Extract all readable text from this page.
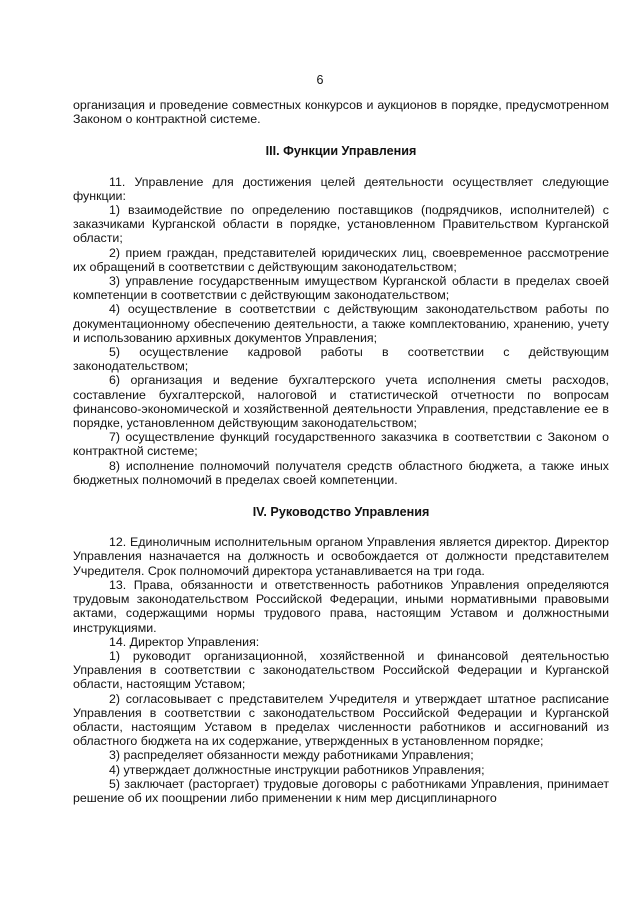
6

организация и проведение совместных конкурсов и аукционов в порядке, предусмотренном Законом о контрактной системе.

III. Функции Управления

11. Управление для достижения целей деятельности осуществляет следующие функции:

1) взаимодействие по определению поставщиков (подрядчиков, исполнителей) с заказчиками Курганской области в порядке, установленном Правительством Курганской области;

2) прием граждан, представителей юридических лиц, своевременное рассмотрение их обращений в соответствии с действующим законодательством;

3) управление государственным имуществом Курганской области в пределах своей компетенции в соответствии с действующим законодательством;

4) осуществление в соответствии с действующим законодательством работы по документационному обеспечению деятельности, а также комплектованию, хранению, учету и использованию архивных документов Управления;

5) осуществление кадровой работы в соответствии с действующим законодательством;

6) организация и ведение бухгалтерского учета исполнения сметы расходов, составление бухгалтерской, налоговой и статистической отчетности по вопросам финансово-экономической и хозяйственной деятельности Управления, представление ее в порядке, установленном действующим законодательством;

7) осуществление функций государственного заказчика в соответствии с Законом о контрактной системе;

8) исполнение полномочий получателя средств областного бюджета, а также иных бюджетных полномочий в пределах своей компетенции.

IV. Руководство Управления

12. Единоличным исполнительным органом Управления является директор. Директор Управления назначается на должность и освобождается от должности представителем Учредителя. Срок полномочий директора устанавливается на три года.

13. Права, обязанности и ответственность работников Управления определяются трудовым законодательством Российской Федерации, иными нормативными правовыми актами, содержащими нормы трудового права, настоящим Уставом и должностными инструкциями.

14. Директор Управления:

1) руководит организационной, хозяйственной и финансовой деятельностью Управления в соответствии с законодательством Российской Федерации и Курганской области, настоящим Уставом;

2) согласовывает с представителем Учредителя и утверждает штатное расписание Управления в соответствии с законодательством Российской Федерации и Курганской области, настоящим Уставом в пределах численности работников и ассигнований из областного бюджета на их содержание, утвержденных в установленном порядке;

3) распределяет обязанности между работниками Управления;

4) утверждает должностные инструкции работников Управления;

5) заключает (расторгает) трудовые договоры с работниками Управления, принимает решение об их поощрении либо применении к ним мер дисциплинарного
